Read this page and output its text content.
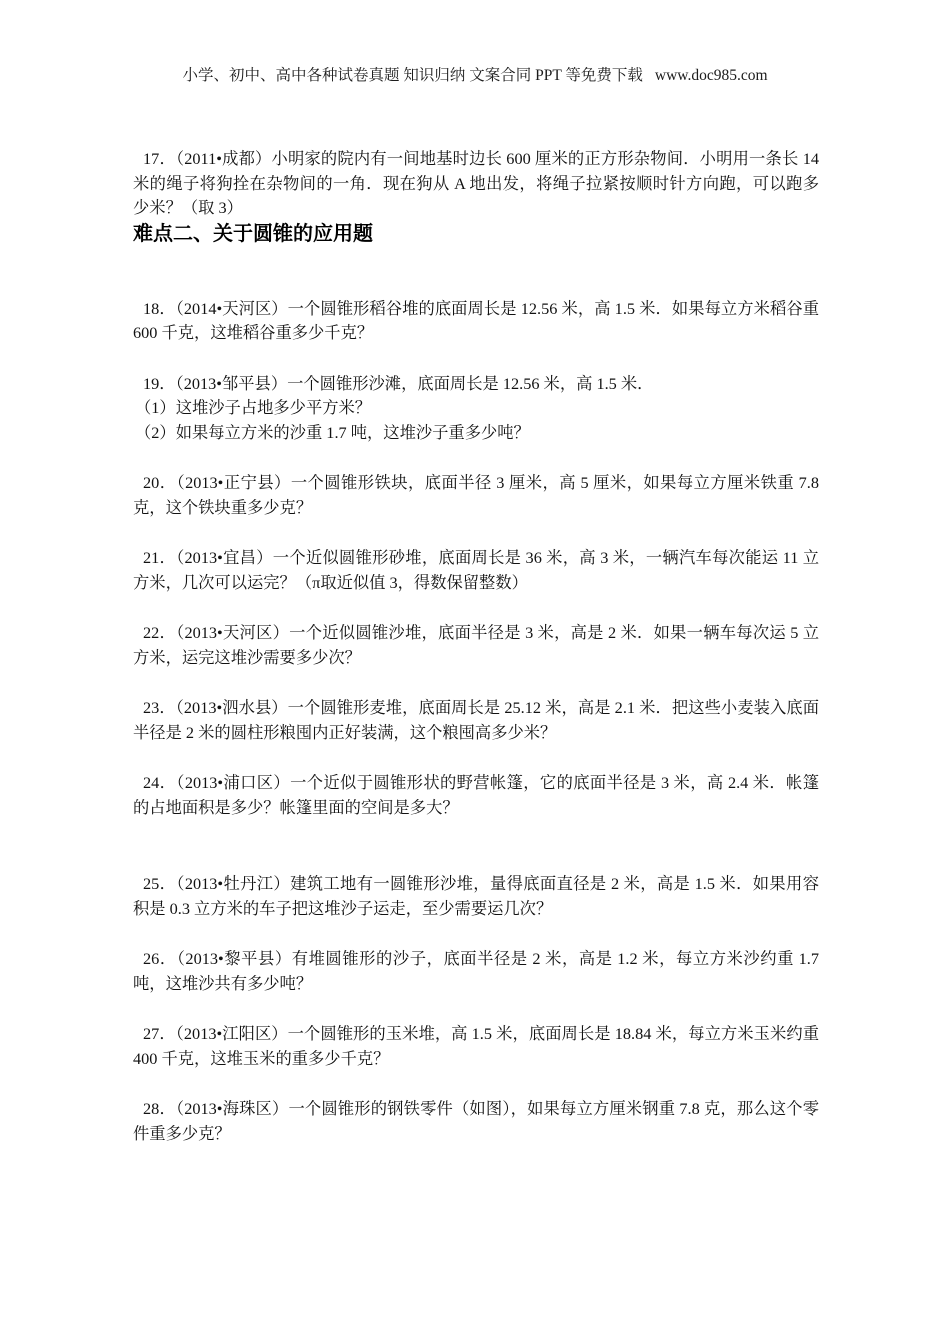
小学、初中、高中各种试卷真题 知识归纳 文案合同 PPT 等免费下载 www.doc985.com
17．（2011•成都）小明家的院内有一间地基时边长 600 厘米的正方形杂物间．小明用一条长 14 米的绳子将狗拴在杂物间的一角．现在狗从 A 地出发，将绳子拉紧按顺时针方向跑，可以跑多少米？（取 3）
难点二、关于圆锥的应用题
18．（2014•天河区）一个圆锥形稻谷堆的底面周长是 12.56 米，高 1.5 米．如果每立方米稻谷重 600 千克，这堆稻谷重多少千克？
19．（2013•邹平县）一个圆锥形沙滩，底面周长是 12.56 米，高 1.5 米．
（1）这堆沙子占地多少平方米？
（2）如果每立方米的沙重 1.7 吨，这堆沙子重多少吨？
20．（2013•正宁县）一个圆锥形铁块，底面半径 3 厘米，高 5 厘米，如果每立方厘米铁重 7.8 克，这个铁块重多少克？
21．（2013•宜昌）一个近似圆锥形砂堆，底面周长是 36 米，高 3 米，一辆汽车每次能运 11 立方米，几次可以运完？（π取近似值 3，得数保留整数）
22．（2013•天河区）一个近似圆锥沙堆，底面半径是 3 米，高是 2 米．如果一辆车每次运 5 立方米，运完这堆沙需要多少次？
23．（2013•泗水县）一个圆锥形麦堆，底面周长是 25.12 米，高是 2.1 米．把这些小麦装入底面半径是 2 米的圆柱形粮囤内正好装满，这个粮囤高多少米？
24．（2013•浦口区）一个近似于圆锥形状的野营帐篷，它的底面半径是 3 米，高 2.4 米．帐篷的占地面积是多少？帐篷里面的空间是多大？
25．（2013•牡丹江）建筑工地有一圆锥形沙堆，量得底面直径是 2 米，高是 1.5 米．如果用容积是 0.3 立方米的车子把这堆沙子运走，至少需要运几次？
26．（2013•黎平县）有堆圆锥形的沙子，底面半径是 2 米，高是 1.2 米，每立方米沙约重 1.7 吨，这堆沙共有多少吨？
27．（2013•江阳区）一个圆锥形的玉米堆，高 1.5 米，底面周长是 18.84 米，每立方米玉米约重 400 千克，这堆玉米的重多少千克？
28．（2013•海珠区）一个圆锥形的钢铁零件（如图），如果每立方厘米钢重 7.8 克，那么这个零件重多少克？
